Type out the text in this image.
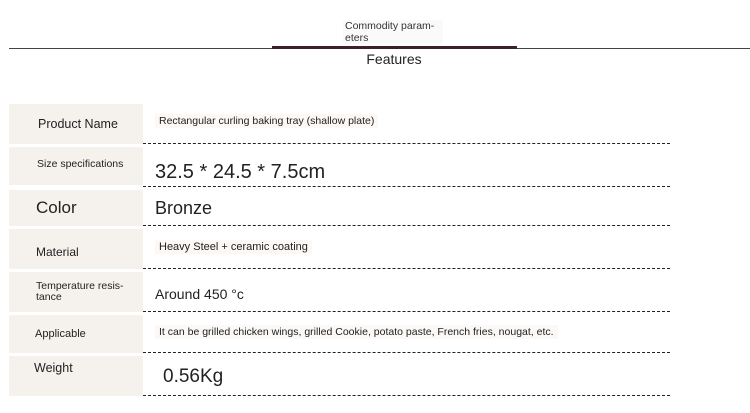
Commodity param-
eters
Features
Product Name	Rectangular curling baking tray (shallow plate)
Size specifications 32.5 * 24.5 * 7.5cm
Color	Bronze
Material	Heavy Steel + ceramic coating
Temperature resis-
tance	Around 450 °c
Applicable	It can be grilled chicken wings, grilled Cookie, potato paste, French fries, nougat, etc.
Weight	0.56Kg
